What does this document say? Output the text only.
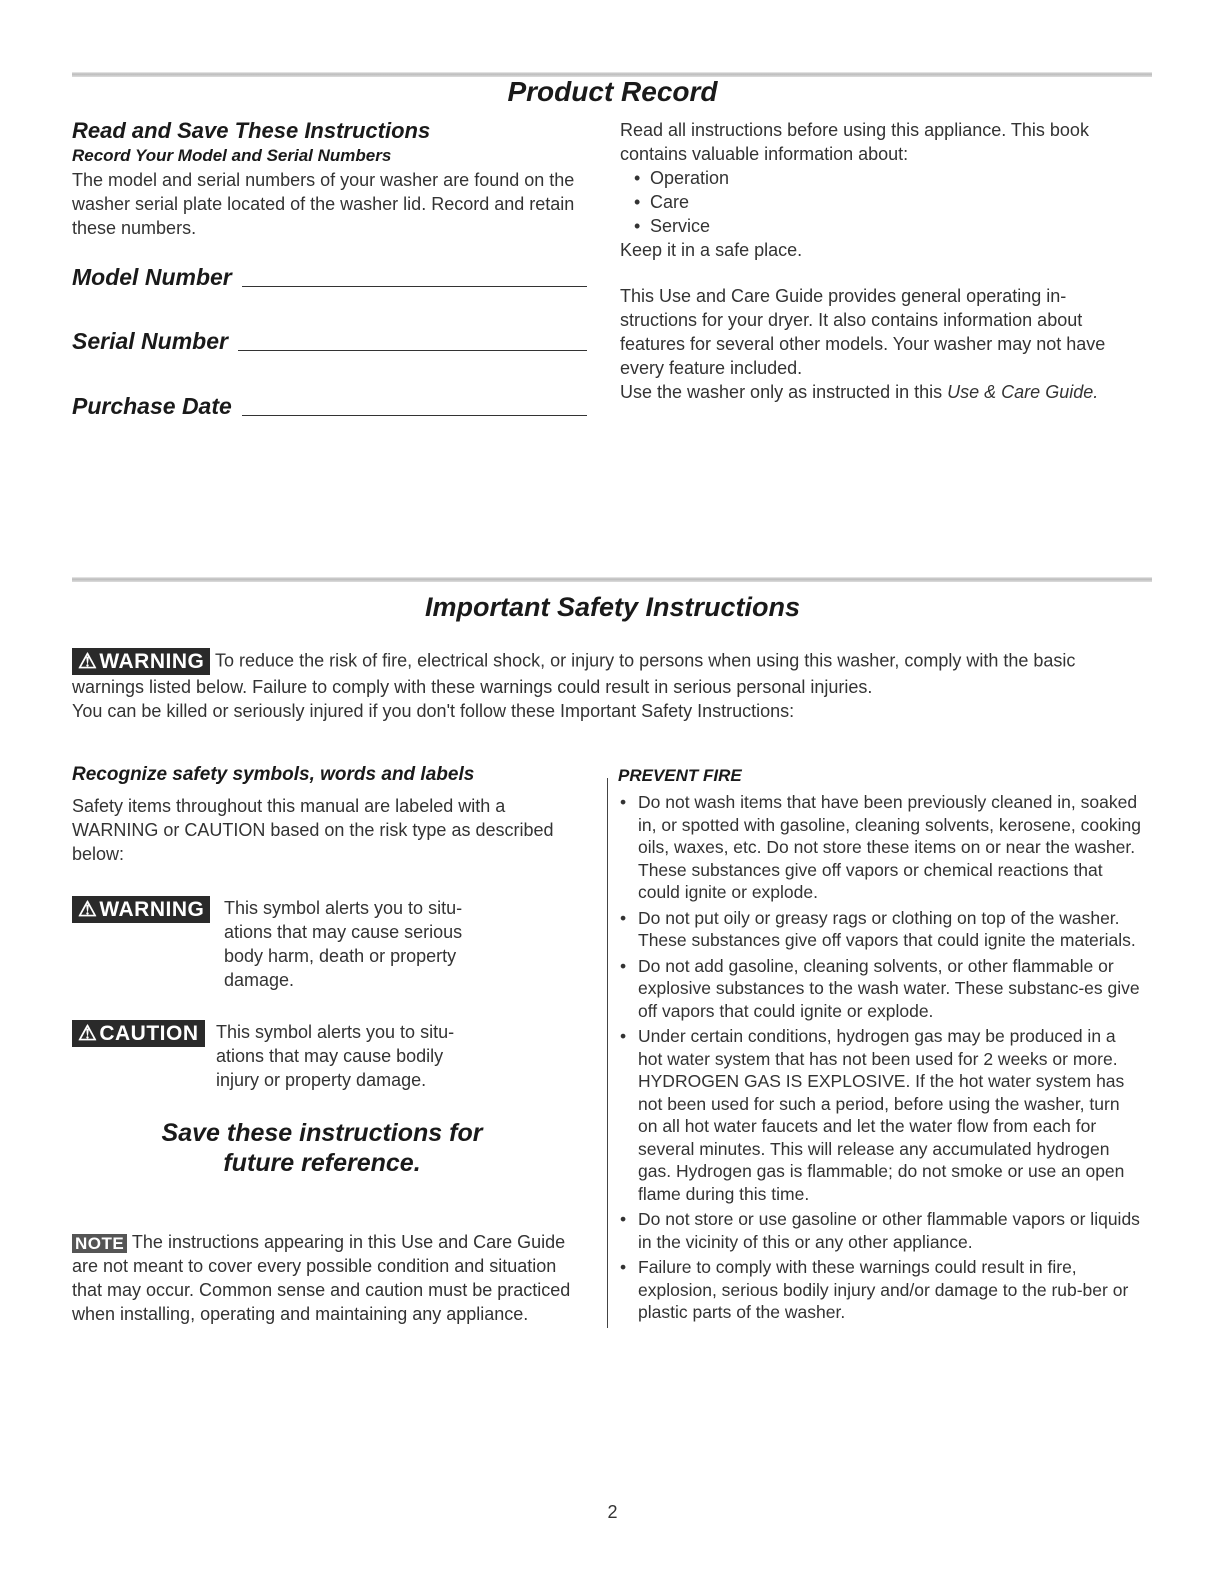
Product Record
Read and Save These Instructions
Record Your Model and Serial Numbers
The model and serial numbers of your washer are found on the washer serial plate located of the washer lid. Record and retain these numbers.
Model Number
Serial Number
Purchase Date
Read all instructions before using this appliance. This book contains valuable information about:
• Operation
• Care
• Service
Keep it in a safe place.
This Use and Care Guide provides general operating in-structions for your dryer. It also contains information about features for several other models. Your washer may not have every feature included.
Use the washer only as instructed in this Use & Care Guide.
Important Safety Instructions
⚠WARNING To reduce the risk of fire, electrical shock, or injury to persons when using this washer, comply with the basic warnings listed below. Failure to comply with these warnings could result in serious personal injuries.
You can be killed or seriously injured if you don't follow these Important Safety Instructions:
Recognize safety symbols, words and labels
Safety items throughout this manual are labeled with a WARNING or CAUTION based on the risk type as described below:
⚠WARNING	This symbol alerts you to situ-ations that may cause serious body harm, death or property damage.
⚠CAUTION This symbol alerts you to situ-ations that may cause bodily injury or property damage.
Save these instructions for
future reference.
NOTE The instructions appearing in this Use and Care Guide are not meant to cover every possible condition and situation that may occur. Common sense and caution must be practiced when installing, operating and maintaining any appliance.
PREVENT FIRE
• Do not wash items that have been previously cleaned in, soaked in, or spotted with gasoline, cleaning solvents, kerosene, cooking oils, waxes, etc. Do not store these items on or near the washer. These substances give off vapors or chemical reactions that could ignite or explode.
• Do not put oily or greasy rags or clothing on top of the washer. These substances give off vapors that could ignite the materials.
• Do not add gasoline, cleaning solvents, or other flammable or explosive substances to the wash water. These substanc-es give off vapors that could ignite or explode.
• Under certain conditions, hydrogen gas may be produced in a hot water system that has not been used for 2 weeks or more. HYDROGEN GAS IS EXPLOSIVE. If the hot water system has not been used for such a period, before using the washer, turn on all hot water faucets and let the water flow from each for several minutes. This will release any accumulated hydrogen gas. Hydrogen gas is flammable; do not smoke or use an open flame during this time.
• Do not store or use gasoline or other flammable vapors or liquids in the vicinity of this or any other appliance.
• Failure to comply with these warnings could result in fire, explosion, serious bodily injury and/or damage to the rub-ber or plastic parts of the washer.
2
